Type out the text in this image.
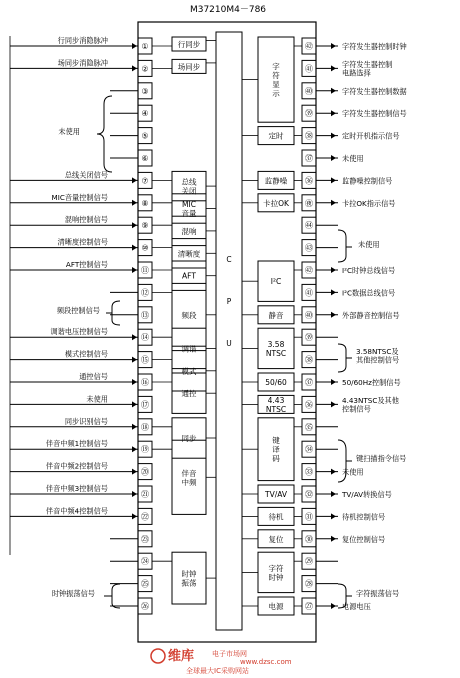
①
②
③
④
⑤
⑥
⑦
⑧
⑨
⑩
⑪
⑫
⑬
⑭
⑮
⑯
⑰
⑱
⑲
⑳
㉑
㉒
㉓
㉔
㉕
㉖
㊷
㊶
㊵
㊴
㊳
㊲
㊱
㊰
㊹
㊸
㊷
㊶
㊵
㊴
㊳
㊲
㊱
㉟
㉞
㉝
㉜
㉛
㉚
㉙
㉘
㉗
M37210M4－786
C
P
U
行同步消隐脉冲
场同步消隐脉冲
总线关闭信号
MIC音量控制信号
混响控制信号
清晰度控制信号
AFT控制信号
调谐电压控制信号
模式控制信号
通控信号
未使用
同步识别信号
伴音中频1控制信号
伴音中频2控制信号
伴音中频3控制信号
伴音中频4控制信号
未使用
频段控制信号
时钟振荡信号
字符发生器控制时钟
字符发生器控制电路选择
字符发生器控制数据
字符发生器控制信号
定时开机指示信号
未使用
监静噪控制信号
卡拉OK指示信号
I²C时钟总线信号
I²C数据总线信号
外部静音控制信号
50/60Hz控制信号
4.43NTSC及其他控制信号
未使用
TV/AV转换信号
待机控制信号
复位控制信号
电源电压
未使用
3.58NTSC及其他控制信号
键扫描指令信号
字符振荡信号
行同步
场同步
总线关闭
MIC 音量
混响
清晰度
AFT
频段
调谐
模式
通控
同步
伴音中频
时钟振荡
字符显示
定时
监静噪
卡拉OK
I²C
静音
3.58 NTSC
50/60
4.43 NTSC
键译码
TV/AV
待机
复位
字符时钟
电源
维库	电子市场网
www.dzsc.com
全球最大IC采购网站
